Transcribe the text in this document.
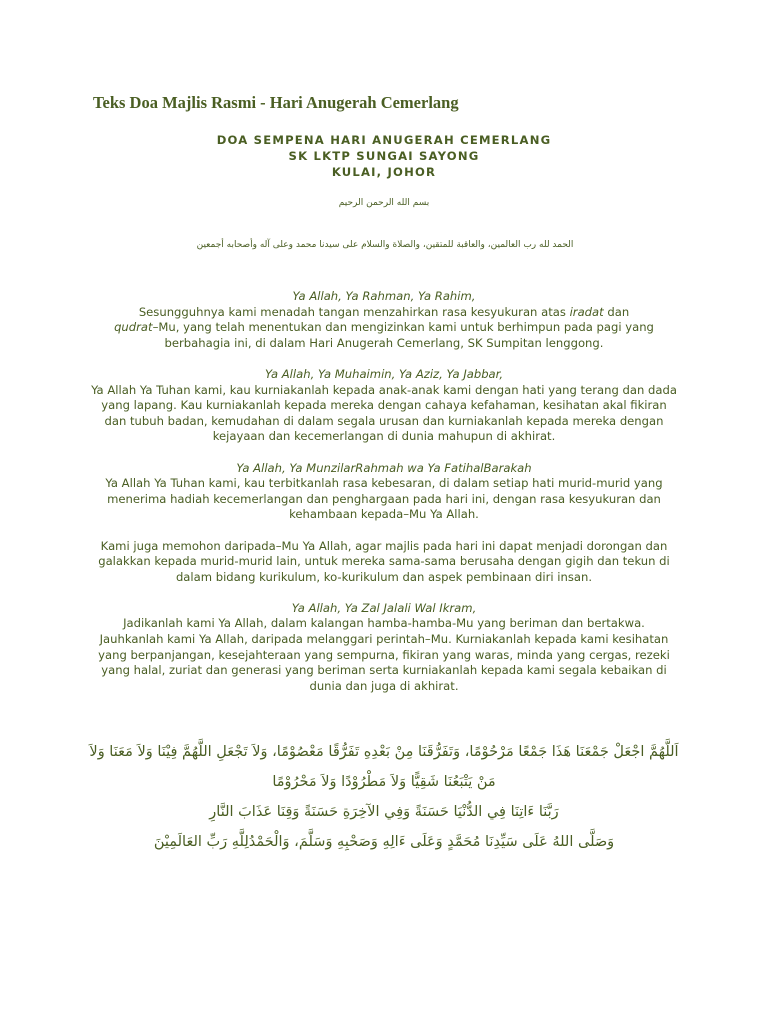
Teks Doa Majlis Rasmi - Hari Anugerah Cemerlang
DOA SEMPENA HARI ANUGERAH CEMERLANG
SK LKTP SUNGAI SAYONG
KULAI, JOHOR
بسم الله الرحمن الرحيم
الحمد لله رب العالمين، والعاقبة للمتقين، والصلاة والسلام على سيدنا محمد وعلى آله وأصحابه أجمعين

Ya Allah, Ya Rahman, Ya Rahim,
Sesungguhnya kami menadah tangan menzahirkan rasa kesyukuran atas iradat dan
qudrat–Mu, yang telah menentukan dan mengizinkan kami untuk berhimpun pada pagi yang berbahagia ini, di dalam Hari Anugerah Cemerlang, SK Sumpitan lenggong.

Ya Allah, Ya Muhaimin, Ya Aziz, Ya Jabbar,
Ya Allah Ya Tuhan kami, kau kurniakanlah kepada anak-anak kami dengan hati yang terang dan dada yang lapang. Kau kurniakanlah kepada mereka dengan cahaya kefahaman, kesihatan akal fikiran dan tubuh badan, kemudahan di dalam segala urusan dan kurniakanlah kepada mereka dengan kejayaan dan kecemerlangan di dunia mahupun di akhirat.

Ya Allah, Ya MunzilarRahmah wa Ya FatihalBarakah
Ya Allah Ya Tuhan kami, kau terbitkanlah rasa kebesaran, di dalam setiap hati murid-murid yang menerima hadiah kecemerlangan dan penghargaan pada hari ini, dengan rasa kesyukuran dan kehambaan kepada–Mu Ya Allah.

Kami juga memohon daripada–Mu Ya Allah, agar majlis pada hari ini dapat menjadi dorongan dan galakkan kepada murid-murid lain, untuk mereka sama-sama berusaha dengan gigih dan tekun di dalam bidang kurikulum, ko-kurikulum dan aspek pembinaan diri insan.

Ya Allah, Ya Zal Jalali Wal Ikram,
Jadikanlah kami Ya Allah, dalam kalangan hamba-hamba-Mu yang beriman dan bertakwa. Jauhkanlah kami Ya Allah, daripada melanggari perintah–Mu. Kurniakanlah kepada kami kesihatan yang berpanjangan, kesejahteraan yang sempurna, fikiran yang waras, minda yang cergas, rezeki yang halal, zuriat dan generasi yang beriman serta kurniakanlah kepada kami segala kebaikan di dunia dan juga di akhirat.

اَللَّهُمَّ اجْعَلْ جَمْعَنَا هَذَا جَمْعًا مَرْحُوْمًا، وَتَفَرُّقَنَا مِنْ بَعْدِهِ تَفَرُّقًا مَعْصُوْمًا، وَلاَ تَجْعَلِ اللَّهُمَّ فِيْنَا وَلاَ مَعَنَا وَلاَ مَنْ يَتْبَعُنَا شَقِيًّا وَلاَ مَطْرُوْدًا وَلاَ مَحْرُوْمًا
رَبَّنَا ءَاتِنَا فِي الدُّنْيَا حَسَنَةً وَفِي الآخِرَةِ حَسَنَةً وَقِنَا عَذَابَ النَّارِ
وَصَلَّى اللهُ عَلَى سَيِّدِنَا مُحَمَّدٍ وَعَلَى ءَالِهِ وَصَحْبِهِ وَسَلَّمَ، وَالْحَمْدُلِلَّهِ رَبِّ العَالَمِيْنَ
